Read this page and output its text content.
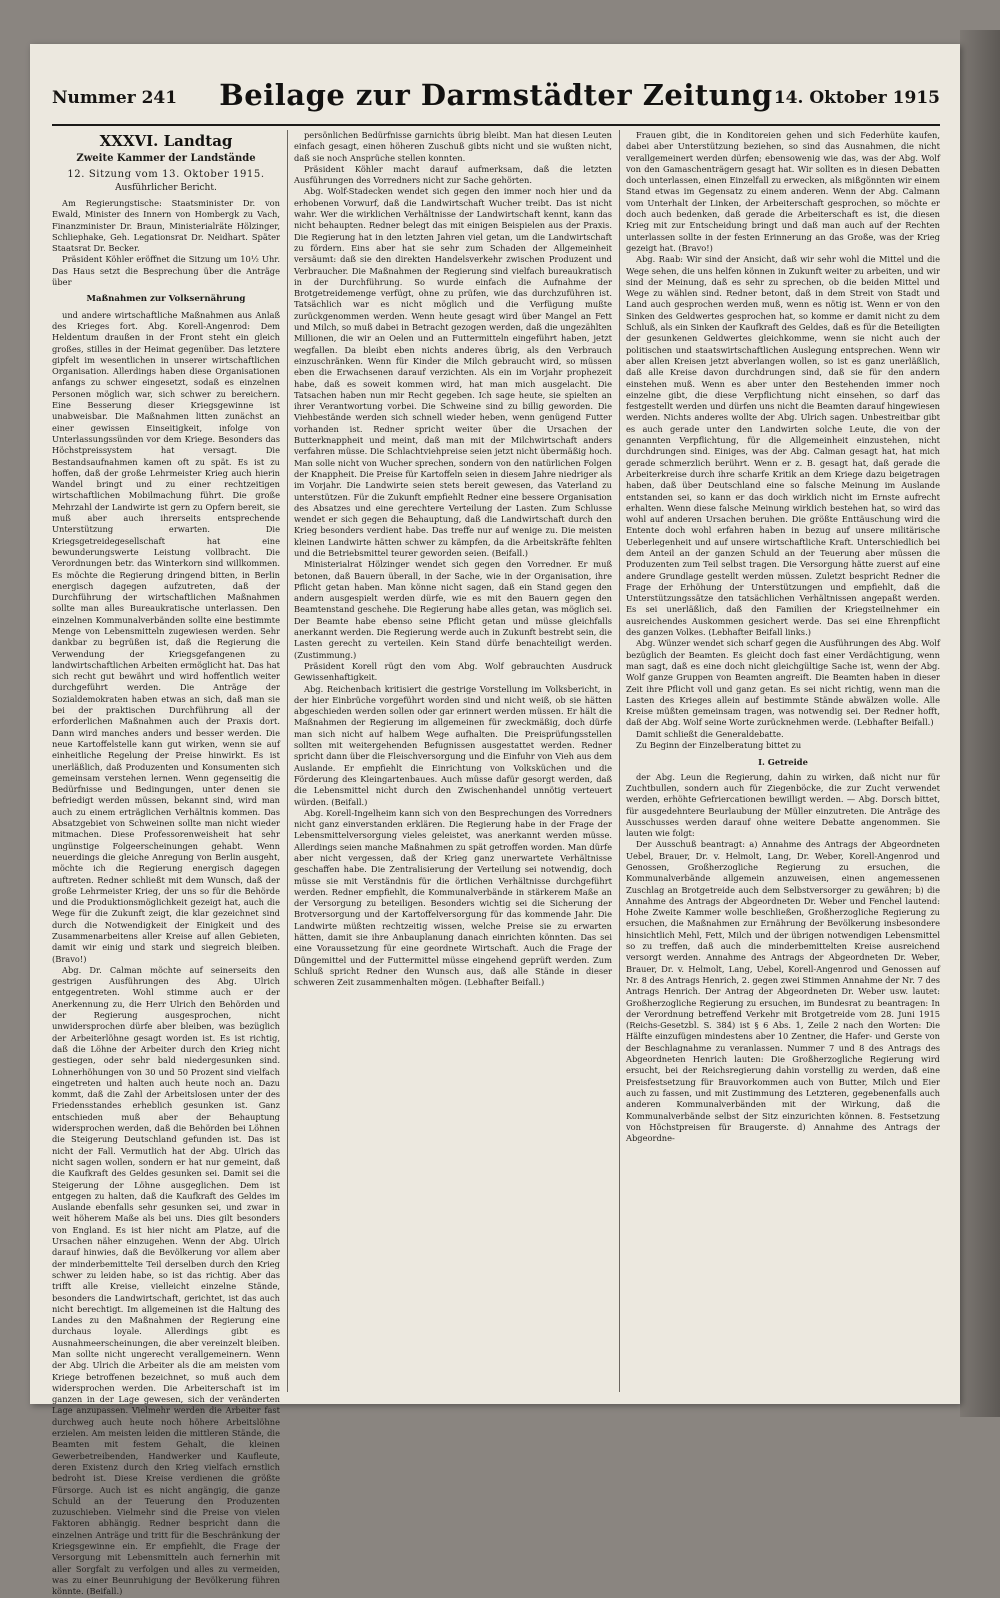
Nummer 241	Beilage zur Darmstädter Zeitung 14. Oktober 1915
XXXVI. Landtag
Zweite Kammer der Landstände
12. Sitzung vom 13. Oktober 1915.
Ausführlicher Bericht.

Am Regierungstische: Staatsminister Dr. von Ewald, Minister des Innern von Hombergk zu Vach, Finanzminister Dr. Braun, Ministerialräte Hölzinger, Schliephake, Geh. Legationsrat Dr. Neidhart. Später Staatsrat Dr. Becker.

Präsident Köhler eröffnet die Sitzung um 10½ Uhr. Das Haus setzt die Besprechung über die Anträge über

Maßnahmen zur Volksernährung

und andere wirtschaftliche Maßnahmen aus Anlaß des Krieges fort. Abg. Korell-Angenrod: Dem Heldentum draußen in der Front steht ein gleich großes, stilles in der Heimat gegenüber. Das letztere gipfelt im wesentlichen in unserer wirtschaftlichen Organisation. Allerdings haben diese Organisationen anfangs zu schwer eingesetzt, sodaß es einzelnen Personen möglich war, sich schwer zu bereichern. Eine Besserung dieser Kriegsgewinne ist unabweisbar. Die Maßnahmen litten zunächst an einer gewissen Einseitigkeit, infolge von Unterlassungssünden vor dem Kriege. Besonders das Höchstpreissystem hat versagt. Die Bestandsaufnahmen kamen oft zu spät. Es ist zu hoffen, daß der große Lehrmeister Krieg auch hierin Wandel bringt und zu einer rechtzeitigen wirtschaftlichen Mobilmachung führt. Die große Mehrzahl der Landwirte ist gern zu Opfern bereit, sie muß aber auch ihrerseits entsprechende Unterstützung erwarten. Die Kriegsgetreidegesellschaft hat eine bewunderungswerte Leistung vollbracht. Die Verordnungen betr. das Winterkorn sind willkommen. Es möchte die Regierung dringend bitten, in Berlin energisch dagegen aufzutreten, daß der Durchführung der wirtschaftlichen Maßnahmen sollte man alles Bureaukratische unterlassen. Den einzelnen Kommunalverbänden sollte eine bestimmte Menge von Lebensmitteln zugewiesen werden. Sehr dankbar zu begrüßen ist, daß die Regierung die Verwendung der Kriegsgefangenen zu landwirtschaftlichen Arbeiten ermöglicht hat. Das hat sich recht gut bewährt und wird hoffentlich weiter durchgeführt werden. Die Anträge der Sozialdemokraten haben etwas an sich, daß man sie bei der praktischen Durchführung all der erforderlichen Maßnahmen auch der Praxis dort. Dann wird manches anders und besser werden. Die neue Kartoffelstelle kann gut wirken, wenn sie auf einheitliche Regelung der Preise hinwirkt. Es ist unerläßlich, daß Produzenten und Konsumenten sich gemeinsam verstehen lernen. Wenn gegenseitig die Bedürfnisse und Bedingungen, unter denen sie befriedigt werden müssen, bekannt sind, wird man auch zu einem erträglichen Verhältnis kommen. Das Absatzgebiet von Schweinen sollte man nicht wieder mitmachen. Diese Professorenweisheit hat sehr ungünstige Folgeerscheinungen gehabt. Wenn neuerdings die gleiche Anregung von Berlin ausgeht, möchte ich die Regierung energisch dagegen auftreten. Redner schließt mit dem Wunsch, daß der große Lehrmeister Krieg, der uns so für die Behörde und die Produktionsmöglichkeit gezeigt hat, auch die Wege für die Zukunft zeigt, die klar gezeichnet sind durch die Notwendigkeit der Einigkeit und des Zusammenarbeitens aller Kreise auf allen Gebieten, damit wir einig und stark und siegreich bleiben. (Bravo!)

Abg. Dr. Calman möchte auf seinerseits den gestrigen Ausführungen des Abg. Ulrich entgegentreten. Wohl stimme auch er der Anerkennung zu, die Herr Ulrich den Behörden und der Regierung ausgesprochen, nicht unwidersprochen dürfe aber bleiben, was bezüglich der Arbeiterlöhne gesagt worden ist. Es ist richtig, daß die Löhne der Arbeiter durch den Krieg nicht gestiegen, oder sehr bald niedergesunken sind. Lohnerhöhungen von 30 und 50 Prozent sind vielfach eingetreten und halten auch heute noch an. Dazu kommt, daß die Zahl der Arbeitslosen unter der des Friedensstandes erheblich gesunken ist. Ganz entschieden muß aber der Behauptung widersprochen werden, daß die Behörden bei Löhnen die Steigerung Deutschland gefunden ist. Das ist nicht der Fall. Vermutlich hat der Abg. Ulrich das nicht sagen wollen, sondern er hat nur gemeint, daß die Kaufkraft des Geldes gesunken sei. Damit sei die Steigerung der Löhne ausgeglichen. Dem ist entgegen zu halten, daß die Kaufkraft des Geldes im Auslande ebenfalls sehr gesunken sei, und zwar in weit höherem Maße als bei uns. Dies gilt besonders von England. Es ist hier nicht am Platze, auf die Ursachen näher einzugehen. Wenn der Abg. Ulrich darauf hinwies, daß die Bevölkerung vor allem aber der minderbemittelte Teil derselben durch den Krieg schwer zu leiden habe, so ist das richtig. Aber das trifft alle Kreise, vielleicht einzelne Stände, besonders die Landwirtschaft, gerichtet, ist das auch nicht berechtigt. Im allgemeinen ist die Haltung des Landes zu den Maßnahmen der Regierung eine durchaus loyale. Allerdings gibt es Ausnahmeerscheinungen, die aber vereinzelt bleiben. Man sollte nicht ungerecht verallgemeinern. Wenn der Abg. Ulrich die Arbeiter als die am meisten vom Kriege betroffenen bezeichnet, so muß auch dem widersprochen werden. Die Arbeiterschaft ist im ganzen in der Lage gewesen, sich der veränderten Lage anzupassen. Vielmehr werden die Arbeiter fast durchweg auch heute noch höhere Arbeitslöhne erzielen. Am meisten leiden die mittleren Stände, die Beamten mit festem Gehalt, die kleinen Gewerbetreibenden, Handwerker und Kaufleute, deren Existenz durch den Krieg vielfach ernstlich bedroht ist. Diese Kreise verdienen die größte Fürsorge. Auch ist es nicht angängig, die ganze Schuld an der Teuerung den Produzenten zuzuschieben. Vielmehr sind die Preise von vielen Faktoren abhängig. Redner bespricht dann die einzelnen Anträge und tritt für die Beschränkung der Kriegsgewinne ein. Er empfiehlt, die Frage der Versorgung mit Lebensmitteln auch fernerhin mit aller Sorgfalt zu verfolgen und alles zu vermeiden, was zu einer Beunruhigung der Bevölkerung führen könnte. (Beifall.)

persönlichen Bedürfnisse garnichts übrig bleibt. Man hat diesen Leuten einfach gesagt, einen höheren Zuschuß gibts nicht und sie wußten nicht, daß sie noch Ansprüche stellen konnten.

Präsident Köhler macht darauf aufmerksam, daß die letzten Ausführungen des Vorredners nicht zur Sache gehörten.

Abg. Wolf-Stadecken wendet sich gegen den immer noch hier und da erhobenen Vorwurf, daß die Landwirtschaft Wucher treibt. Das ist nicht wahr. Wer die wirklichen Verhältnisse der Landwirtschaft kennt, kann das nicht behaupten. Redner belegt das mit einigen Beispielen aus der Praxis. Die Regierung hat in den letzten Jahren viel getan, um die Landwirtschaft zu fördern. Eins aber hat sie sehr zum Schaden der Allgemeinheit versäumt: daß sie den direkten Handelsverkehr zwischen Produzent und Verbraucher. Die Maßnahmen der Regierung sind vielfach bureaukratisch in der Durchführung. So wurde einfach die Aufnahme der Brotgetreidemenge verfügt, ohne zu prüfen, wie das durchzuführen ist. Tatsächlich war es nicht möglich und die Verfügung mußte zurückgenommen werden. Wenn heute gesagt wird über Mangel an Fett und Milch, so muß dabei in Betracht gezogen werden, daß die ungezählten Millionen, die wir an Oelen und an Futtermitteln eingeführt haben, jetzt wegfallen. Da bleibt eben nichts anderes übrig, als den Verbrauch einzuschränken. Wenn für Kinder die Milch gebraucht wird, so müssen eben die Erwachsenen darauf verzichten. Als ein im Vorjahr prophezeit habe, daß es soweit kommen wird, hat man mich ausgelacht. Die Tatsachen haben nun mir Recht gegeben. Ich sage heute, sie spielten an ihrer Verantwortung vorbei. Die Schweine sind zu billig geworden. Die Viehbestände werden sich schnell wieder heben, wenn genügend Futter vorhanden ist. Redner spricht weiter über die Ursachen der Butterknappheit und meint, daß man mit der Milchwirtschaft anders verfahren müsse. Die Schlachtviehpreise seien jetzt nicht übermäßig hoch. Man solle nicht von Wucher sprechen, sondern von den natürlichen Folgen der Knappheit. Die Preise für Kartoffeln seien in diesem Jahre niedriger als im Vorjahr. Die Landwirte seien stets bereit gewesen, das Vaterland zu unterstützen. Für die Zukunft empfiehlt Redner eine bessere Organisation des Absatzes und eine gerechtere Verteilung der Lasten. Zum Schlusse wendet er sich gegen die Behauptung, daß die Landwirtschaft durch den Krieg besonders verdient habe. Das treffe nur auf wenige zu. Die meisten kleinen Landwirte hätten schwer zu kämpfen, da die Arbeitskräfte fehlten und die Betriebsmittel teurer geworden seien. (Beifall.)

Ministerialrat Hölzinger wendet sich gegen den Vorredner. Er muß betonen, daß Bauern überall, in der Sache, wie in der Organisation, ihre Pflicht getan haben. Man könne nicht sagen, daß ein Stand gegen den andern ausgespielt werden dürfe, wie es mit den Bauern gegen den Beamtenstand geschehe. Die Regierung habe alles getan, was möglich sei. Der Beamte habe ebenso seine Pflicht getan und müsse gleichfalls anerkannt werden. Die Regierung werde auch in Zukunft bestrebt sein, die Lasten gerecht zu verteilen. Kein Stand dürfe benachteiligt werden. (Zustimmung.)

Präsident Korell rügt den vom Abg. Wolf gebrauchten Ausdruck Gewissenhaftigkeit.

Abg. Reichenbach kritisiert die gestrige Vorstellung im Volksbericht, in der hier Einbrüche vorgeführt worden sind und nicht weiß, ob sie hätten abgeschieden werden sollen oder gar erinnert werden müssen. Er hält die Maßnahmen der Regierung im allgemeinen für zweckmäßig, doch dürfe man sich nicht auf halbem Wege aufhalten. Die Preisprüfungsstellen sollten mit weitergehenden Befugnissen ausgestattet werden. Redner spricht dann über die Fleischversorgung und die Einfuhr von Vieh aus dem Auslande. Er empfiehlt die Einrichtung von Volksküchen und die Förderung des Kleingartenbaues. Auch müsse dafür gesorgt werden, daß die Lebensmittel nicht durch den Zwischenhandel unnötig verteuert würden. (Beifall.)

Abg. Korell-Ingelheim kann sich von den Besprechungen des Vorredners nicht ganz einverstanden erklären. Die Regierung habe in der Frage der Lebensmittelversorgung vieles geleistet, was anerkannt werden müsse. Allerdings seien manche Maßnahmen zu spät getroffen worden. Man dürfe aber nicht vergessen, daß der Krieg ganz unerwartete Verhältnisse geschaffen habe. Die Zentralisierung der Verteilung sei notwendig, doch müsse sie mit Verständnis für die örtlichen Verhältnisse durchgeführt werden. Redner empfiehlt, die Kommunalverbände in stärkerem Maße an der Versorgung zu beteiligen. Besonders wichtig sei die Sicherung der Brotversorgung und der Kartoffelversorgung für das kommende Jahr. Die Landwirte müßten rechtzeitig wissen, welche Preise sie zu erwarten hätten, damit sie ihre Anbauplanung danach einrichten könnten. Das sei eine Voraussetzung für eine geordnete Wirtschaft. Auch die Frage der Düngemittel und der Futtermittel müsse eingehend geprüft werden. Zum Schluß spricht Redner den Wunsch aus, daß alle Stände in dieser schweren Zeit zusammenhalten mögen. (Lebhafter Beifall.)

Frauen gibt, die in Konditoreien gehen und sich Federhüte kaufen, dabei aber Unterstützung beziehen, so sind das Ausnahmen, die nicht verallgemeinert werden dürfen; ebensowenig wie das, was der Abg. Wolf von den Gamaschenträgern gesagt hat. Wir sollten es in diesen Debatten doch unterlassen, einen Einzelfall zu erwecken, als mißgönnten wir einem Stand etwas im Gegensatz zu einem anderen. Wenn der Abg. Calmann vom Unterhalt der Linken, der Arbeiterschaft gesprochen, so möchte er doch auch bedenken, daß gerade die Arbeiterschaft es ist, die diesen Krieg mit zur Entscheidung bringt und daß man auch auf der Rechten unterlassen sollte in der festen Erinnerung an das Große, was der Krieg gezeigt hat. (Bravo!)

Abg. Raab: Wir sind der Ansicht, daß wir sehr wohl die Mittel und die Wege sehen, die uns helfen können in Zukunft weiter zu arbeiten, und wir sind der Meinung, daß es sehr zu sprechen, ob die beiden Mittel und Wege zu wählen sind. Redner betont, daß in dem Streit von Stadt und Land auch gesprochen werden muß, wenn es nötig ist. Wenn er von den Sinken des Geldwertes gesprochen hat, so komme er damit nicht zu dem Schluß, als ein Sinken der Kaufkraft des Geldes, daß es für die Beteiligten der gesunkenen Geldwertes gleichkomme, wenn sie nicht auch der politischen und staatswirtschaftlichen Auslegung entsprechen. Wenn wir aber allen Kreisen jetzt abverlangen wollen, so ist es ganz unerläßlich, daß alle Kreise davon durchdrungen sind, daß sie für den andern einstehen muß. Wenn es aber unter den Bestehenden immer noch einzelne gibt, die diese Verpflichtung nicht einsehen, so darf das festgestellt werden und dürfen uns nicht die Beamten darauf hingewiesen werden. Nichts anderes wollte der Abg. Ulrich sagen. Unbestreitbar gibt es auch gerade unter den Landwirten solche Leute, die von der genannten Verpflichtung, für die Allgemeinheit einzustehen, nicht durchdrungen sind. Einiges, was der Abg. Calman gesagt hat, hat mich gerade schmerzlich berührt. Wenn er z. B. gesagt hat, daß gerade die Arbeiterkreise durch ihre scharfe Kritik an dem Kriege dazu beigetragen haben, daß über Deutschland eine so falsche Meinung im Auslande entstanden sei, so kann er das doch wirklich nicht im Ernste aufrecht erhalten. Wenn diese falsche Meinung wirklich bestehen hat, so wird das wohl auf anderen Ursachen beruhen. Die größte Enttäuschung wird die Entente doch wohl erfahren haben in bezug auf unsere militärische Ueberlegenheit und auf unsere wirtschaftliche Kraft. Unterschiedlich bei dem Anteil an der ganzen Schuld an der Teuerung aber müssen die Produzenten zum Teil selbst tragen. Die Versorgung hätte zuerst auf eine andere Grundlage gestellt werden müssen. Zuletzt bespricht Redner die Frage der Erhöhung der Unterstützungen und empfiehlt, daß die Unterstützungssätze den tatsächlichen Verhältnissen angepaßt werden. Es sei unerläßlich, daß den Familien der Kriegsteilnehmer ein ausreichendes Auskommen gesichert werde. Das sei eine Ehrenpflicht des ganzen Volkes. (Lebhafter Beifall links.)

Abg. Wünzer wendet sich scharf gegen die Ausführungen des Abg. Wolf bezüglich der Beamten. Es gleicht doch fast einer Verdächtigung, wenn man sagt, daß es eine doch nicht gleichgültige Sache ist, wenn der Abg. Wolf ganze Gruppen von Beamten angreift. Die Beamten haben in dieser Zeit ihre Pflicht voll und ganz getan. Es sei nicht richtig, wenn man die Lasten des Krieges allein auf bestimmte Stände abwälzen wolle. Alle Kreise müßten gemeinsam tragen, was notwendig sei. Der Redner hofft, daß der Abg. Wolf seine Worte zurücknehmen werde. (Lebhafter Beifall.)

Damit schließt die Generaldebatte.

Zu Beginn der Einzelberatung bittet zu

I. Getreide

der Abg. Leun die Regierung, dahin zu wirken, daß nicht nur für Zuchtbullen, sondern auch für Ziegenböcke, die zur Zucht verwendet werden, erhöhte Gefriercationen bewilligt werden. — Abg. Dorsch bittet, für ausgedehntere Beurlaubung der Müller einzutreten. Die Anträge des Ausschusses werden darauf ohne weitere Debatte angenommen. Sie lauten wie folgt:

Der Ausschuß beantragt: a) Annahme des Antrags der Abgeordneten Uebel, Brauer, Dr. v. Helmolt, Lang, Dr. Weber, Korell-Angenrod und Genossen, Großherzogliche Regierung zu ersuchen, die Kommunalverbände allgemein anzuweisen, einen angemessenen Zuschlag an Brotgetreide auch dem Selbstversorger zu gewähren; b) die Annahme des Antrags der Abgeordneten Dr. Weber und Fenchel lautend: Hohe Zweite Kammer wolle beschließen, Großherzogliche Regierung zu ersuchen, die Maßnahmen zur Ernährung der Bevölkerung insbesondere hinsichtlich Mehl, Fett, Milch und der übrigen notwendigen Lebensmittel so zu treffen, daß auch die minderbemittelten Kreise ausreichend versorgt werden. Annahme des Antrags der Abgeordneten Dr. Weber, Brauer, Dr. v. Helmolt, Lang, Uebel, Korell-Angenrod und Genossen auf Nr. 8 des Antrags Henrich, 2. gegen zwei Stimmen Annahme der Nr. 7 des Antrags Henrich. Der Antrag der Abgeordneten Dr. Weber usw. lautet: Großherzogliche Regierung zu ersuchen, im Bundesrat zu beantragen: In der Verordnung betreffend Verkehr mit Brotgetreide vom 28. Juni 1915 (Reichs-Gesetzbl. S. 384) ist § 6 Abs. 1, Zeile 2 nach den Worten: Die Hälfte einzufügen mindestens aber 10 Zentner, die Hafer- und Gerste von der Beschlagnahme zu veranlassen. Nummer 7 und 8 des Antrags des Abgeordneten Henrich lauten: Die Großherzogliche Regierung wird ersucht, bei der Reichsregierung dahin vorstellig zu werden, daß eine Preisfestsetzung für Brauvorkommen auch von Butter, Milch und Eier auch zu fassen, und mit Zustimmung des Letzteren, gegebenenfalls auch anderen Kommunalverbänden mit der Wirkung, daß die Kommunalverbände selbst der Sitz einzurichten können. 8. Festsetzung von Höchstpreisen für Braugerste. d) Annahme des Antrags der Abgeordne-
